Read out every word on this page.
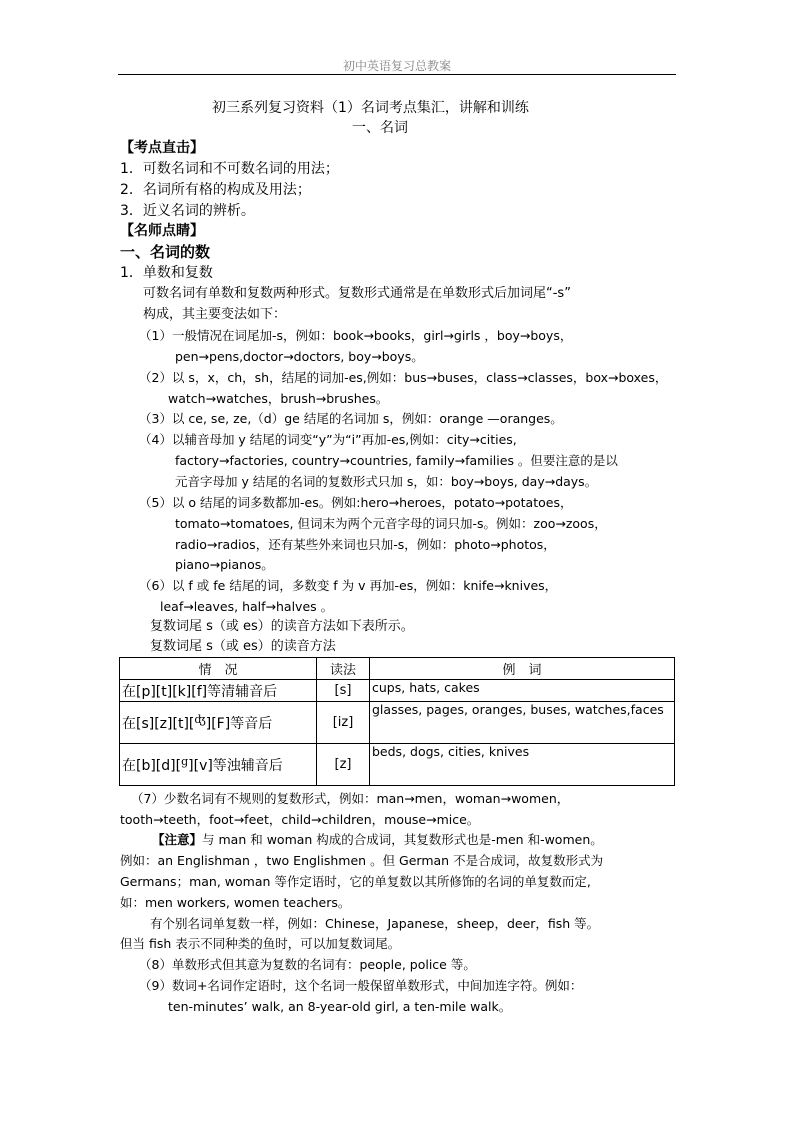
初中英语复习总教案
初三系列复习资料（1）名词考点集汇，讲解和训练
一、名词
【考点直击】
1．可数名词和不可数名词的用法；
2．名词所有格的构成及用法；
3．近义名词的辨析。
【名师点睛】
一、名词的数
1．单数和复数
可数名词有单数和复数两种形式。复数形式通常是在单数形式后加词尾“-s”
构成，其主要变法如下：
（1）一般情况在词尾加-s，例如：book→books，girl→girls ，boy→boys，
pen→pens,doctor→doctors, boy→boys。
（2）以 s，x，ch，sh，结尾的词加-es,例如：bus→buses，class→classes，box→boxes，
watch→watches，brush→brushes。
（3）以 ce, se, ze,（d）ge 结尾的名词加 s，例如：orange —oranges。
（4）以辅音母加 y 结尾的词变“y”为“i”再加-es,例如：city→cities,
factory→factories, country→countries, family→families 。但要注意的是以
元音字母加 y 结尾的名词的复数形式只加 s，如：boy→boys, day→days。
（5）以 o 结尾的词多数都加-es。例如:hero→heroes，potato→potatoes，
tomato→tomatoes, 但词末为两个元音字母的词只加-s。例如：zoo→zoos，
radio→radios，还有某些外来词也只加-s，例如：photo→photos，
piano→pianos。
（6）以 f 或 fe 结尾的词，多数变 f 为 v 再加-es，例如：knife→knives，
leaf→leaves, half→halves 。
复数词尾 s（或 es）的读音方法如下表所示。
复数词尾 s（或 es）的读音方法
情　况	读法	例　词
在[p][t][k][f]等清辅音后	[s]	cups, hats, cakes
在[s][z][t][$^ʤ$][F]等音后	[iz]	glasses, pages, oranges, buses, watches,faces
在[b][d][$^g$][v]等浊辅音后	[z]	beds, dogs, cities, knives
（7）少数名词有不规则的复数形式，例如：man→men，woman→women，
tooth→teeth，foot→feet，child→children，mouse→mice。
【注意】与 man 和 woman 构成的合成词，其复数形式也是-men 和-women。
例如：an Englishman ，two Englishmen 。但 German 不是合成词，故复数形式为
Germans；man, woman 等作定语时，它的单复数以其所修饰的名词的单复数而定,
如：men workers, women teachers。
有个别名词单复数一样，例如：Chinese，Japanese，sheep，deer，fish 等。
但当 fish 表示不同种类的鱼时，可以加复数词尾。
（8）单数形式但其意为复数的名词有：people, police 等。
（9）数词+名词作定语时，这个名词一般保留单数形式，中间加连字符。例如：
ten-minutes’ walk, an 8-year-old girl, a ten-mile walk。
